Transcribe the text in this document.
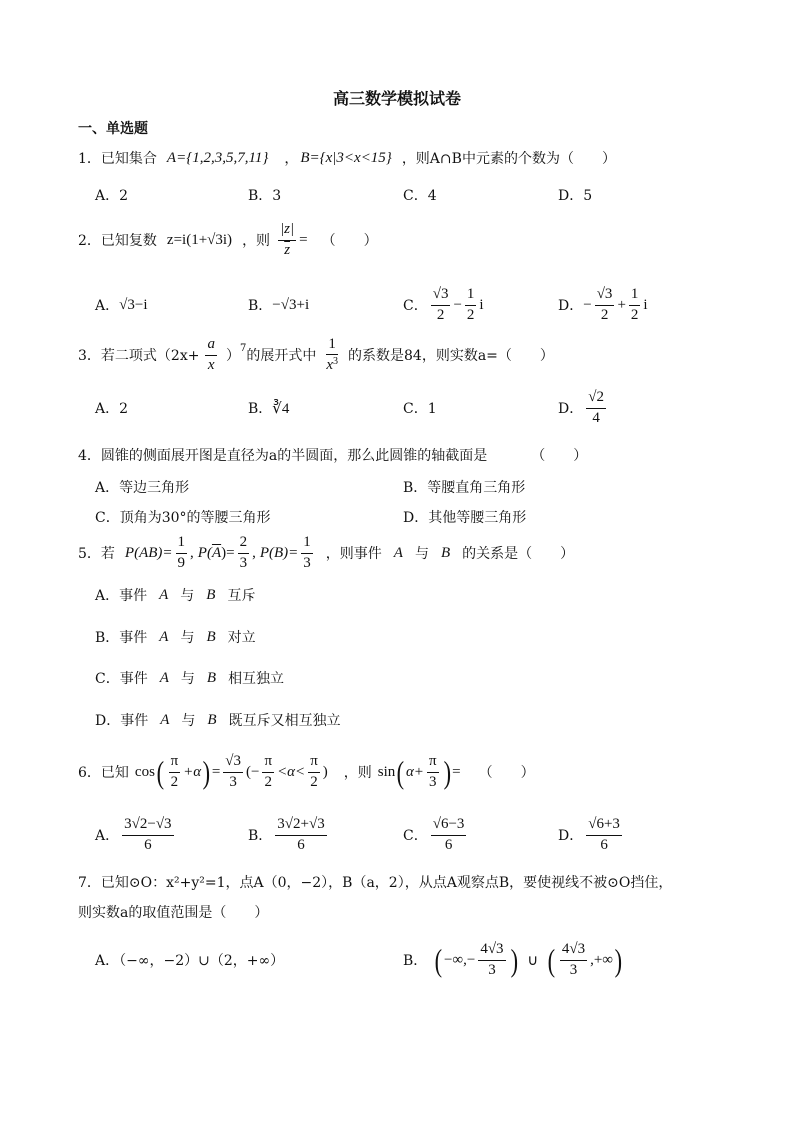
高三数学模拟试卷
一、单选题
1．已知集合 A={1,2,3,5,7,11} ， B={x|3<x<15} ，则A∩B中元素的个数为（　　）
A．2	B．3	C．4	D．5
2．已知复数 z=i(1+√3i) ，则 $\frac{|z|}{z}$ = （　　）
A． √3−i	B． −√3+i	C． $\frac{√3}{2} - \frac{1}{2}$ i	D． − $\frac{√3}{2} + \frac{1}{2}$ i
3．若二项式（$2x+ \frac{a}{x}$ ） 7 的展开式中 $\frac{1}{x^3}$ 的系数是84，则实数a=（　　）
A．2	B． ∛4	C．1	D． $\frac{√2}{4}$
4．圆锥的侧面展开图是直径为a的半圆面，那么此圆锥的轴截面是	（　　）
A．等边三角形	B．等腰直角三角形
C．顶角为30°的等腰三角形	D．其他等腰三角形
5．若 $P(AB)= \frac{1}{9}$ , P( $\overline{A}$ )= $\frac{2}{3}$ , $P(B)= \frac{1}{3}$ ，则事件 A 与 B 的关系是（　　）
A．事件 A 与 B 互斥
B．事件 A 与 B 对立
C．事件 A 与 B 相互独立
D．事件 A 与 B 既互斥又相互独立
6．已知 cos ( $\frac{\pi}{2} +\alpha$ ) = $\frac{√3}{3}$ (− $\frac{\pi}{2} <\alpha< \frac{\pi}{2}$ ) ，则 sin ( $\alpha+ \frac{\pi}{3}$ ) = （　　）
A． $\frac{3√2-√3}{6}$	B． $\frac{3√2+√3}{6}$	C． $\frac{√6-3}{6}$	D． $\frac{√6+3}{6}$
7．已知⊙O：x²+y²=1，点A（0，−2），B（a，2），从点A观察点B，要使视线不被⊙O挡住，
则实数a的取值范围是（　　）
A．（−∞，−2）∪（2，+∞）	B． ( −∞,− $\frac{4√3}{3}$ ) ∪ ( $\frac{4√3}{3}$ ,+∞ )
